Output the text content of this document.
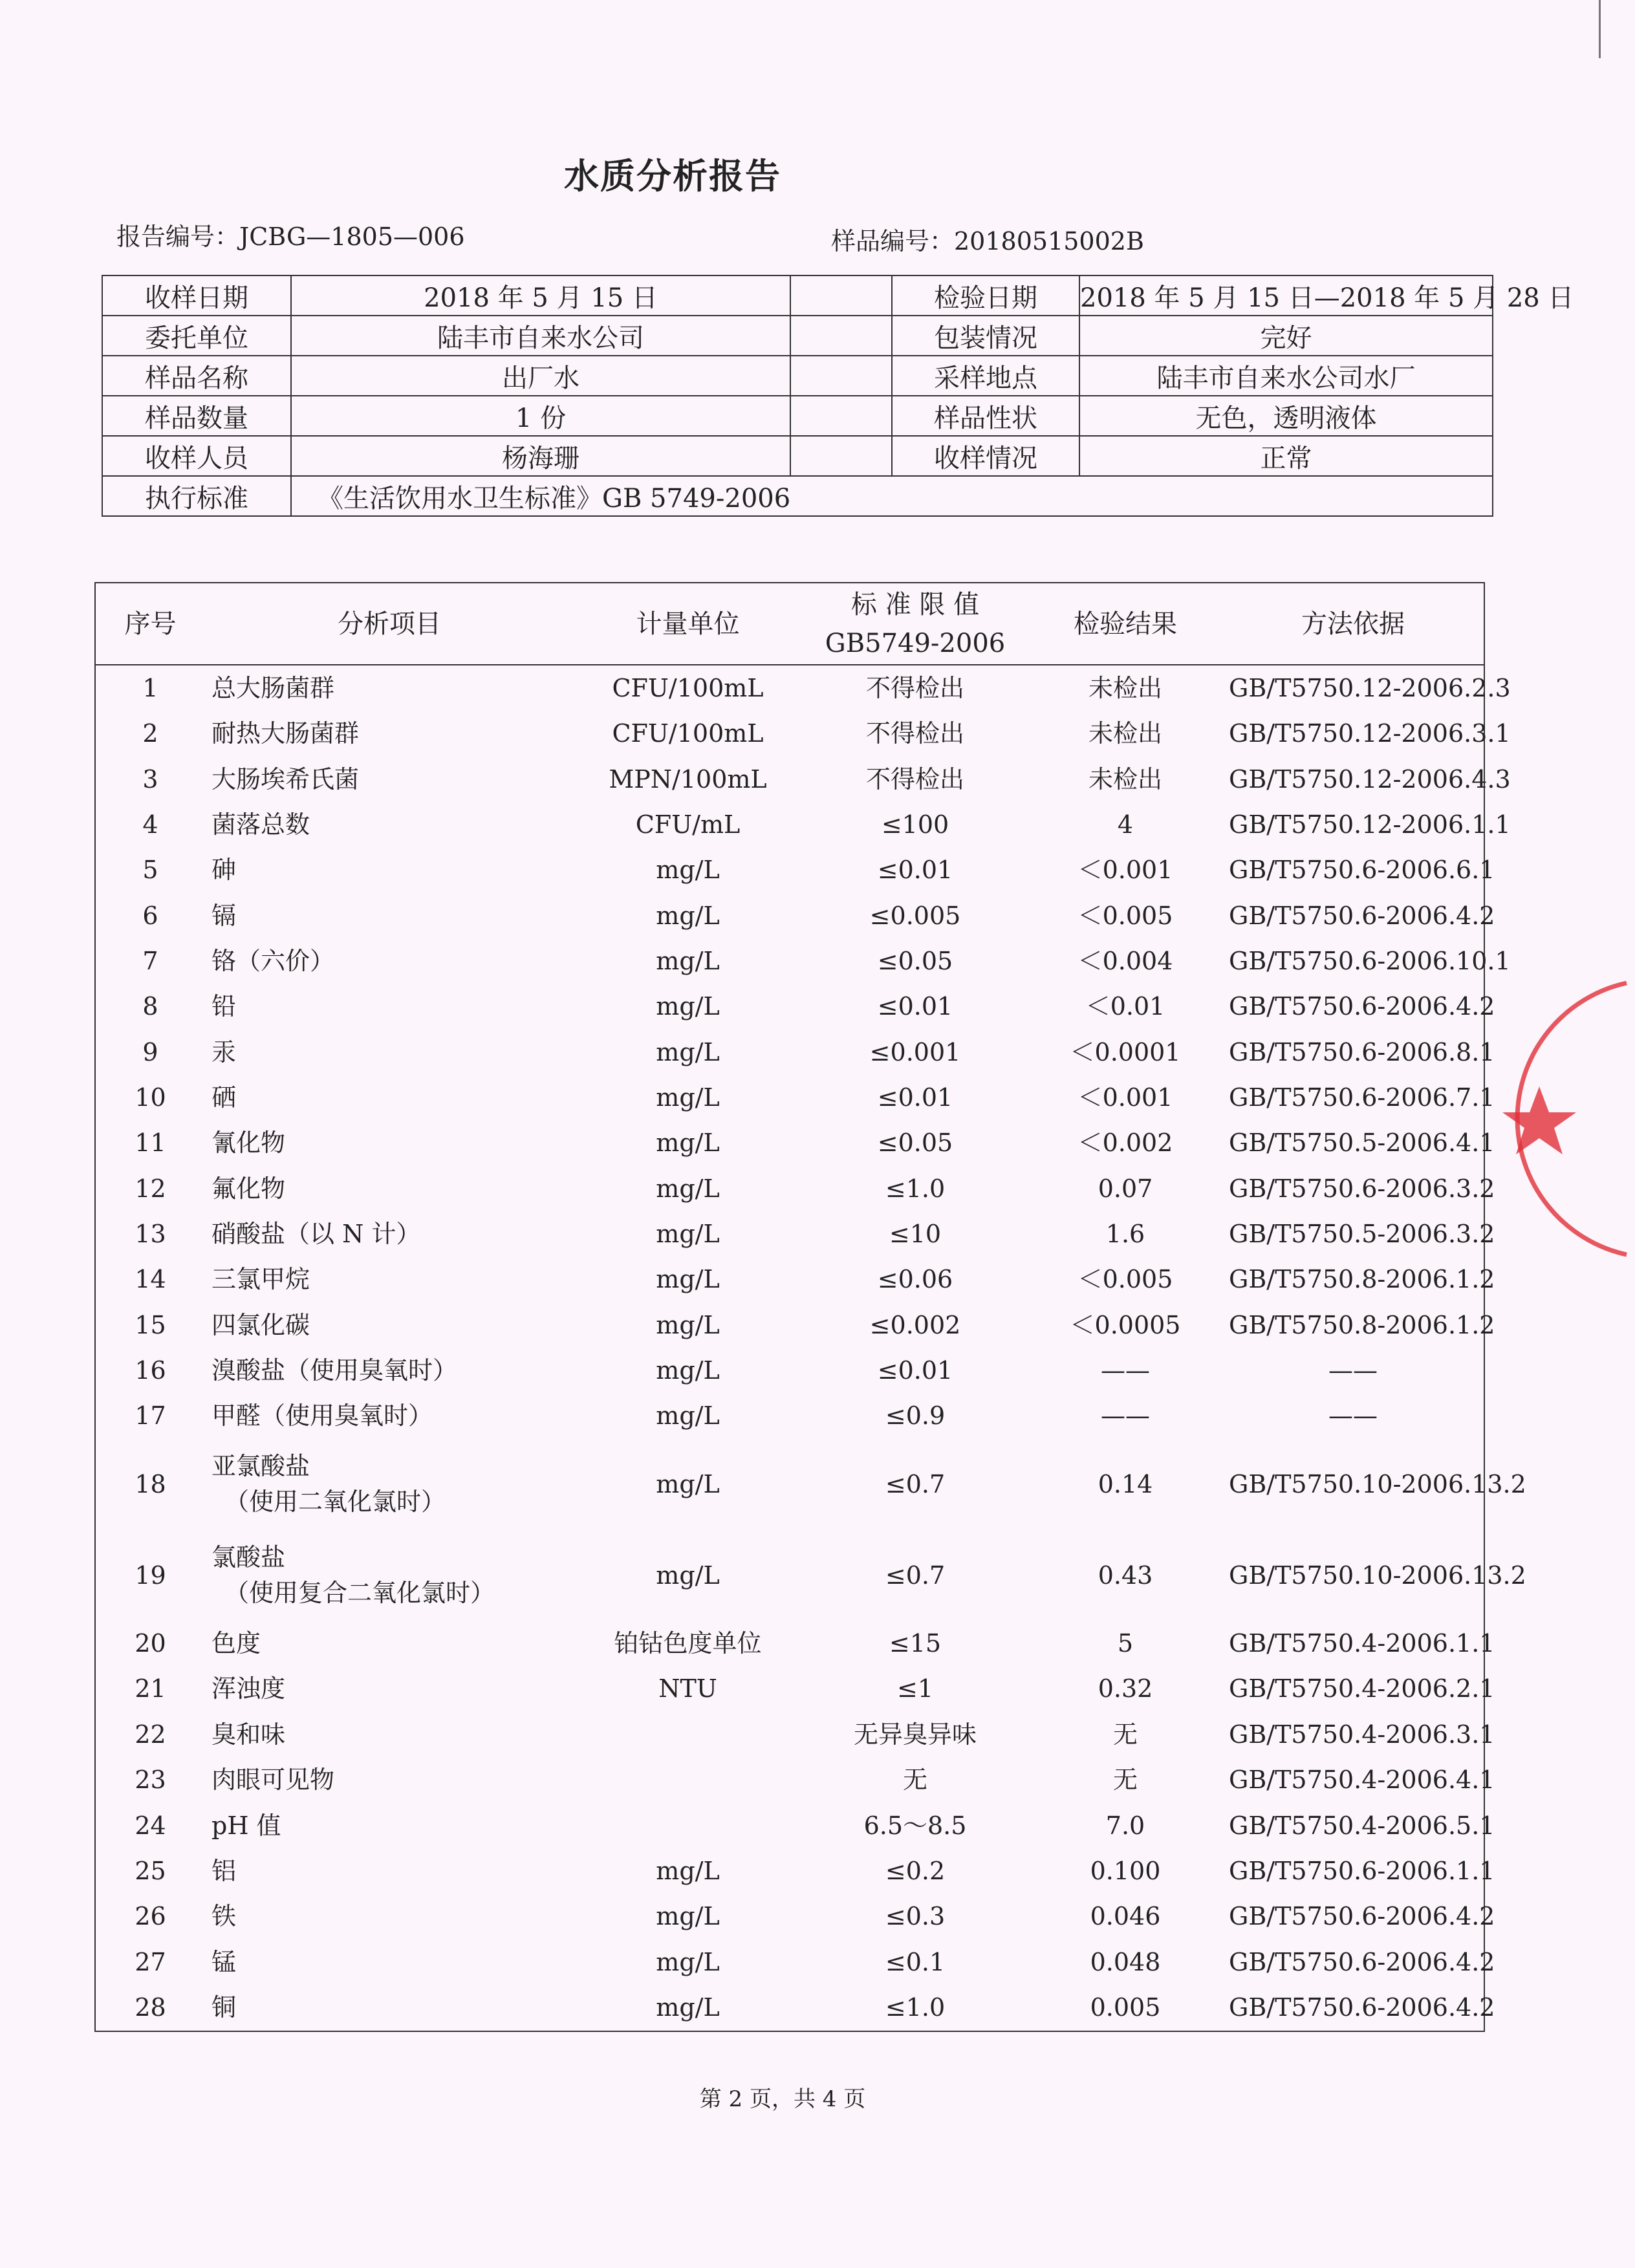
水质分析报告
报告编号：JCBG—1805—006	样品编号：20180515002B
收样日期	2018 年 5 月 15 日		检验日期	2018 年 5 月 15 日—2018 年 5 月 28 日
委托单位	陆丰市自来水公司		包装情况	完好
样品名称	出厂水		采样地点	陆丰市自来水公司水厂
样品数量	1 份		样品性状	无色，透明液体
收样人员	杨海珊		收样情况	正常
执行标准	《生活饮用水卫生标准》GB 5749-2006			
序号	分析项目	计量单位	标 准 限 值
GB5749-2006	检验结果	方法依据
1	总大肠菌群	CFU/100mL	不得检出	未检出	GB/T5750.12-2006.2.3
2	耐热大肠菌群	CFU/100mL	不得检出	未检出	GB/T5750.12-2006.3.1
3	大肠埃希氏菌	MPN/100mL	不得检出	未检出	GB/T5750.12-2006.4.3
4	菌落总数	CFU/mL	≤100	4	GB/T5750.12-2006.1.1
5	砷	mg/L	≤0.01	＜0.001	GB/T5750.6-2006.6.1
6	镉	mg/L	≤0.005	＜0.005	GB/T5750.6-2006.4.2
7	铬（六价）	mg/L	≤0.05	＜0.004	GB/T5750.6-2006.10.1
8	铅	mg/L	≤0.01	＜0.01	GB/T5750.6-2006.4.2
9	汞	mg/L	≤0.001	＜0.0001	GB/T5750.6-2006.8.1
10	硒	mg/L	≤0.01	＜0.001	GB/T5750.6-2006.7.1
11	氰化物	mg/L	≤0.05	＜0.002	GB/T5750.5-2006.4.1
12	氟化物	mg/L	≤1.0	0.07	GB/T5750.6-2006.3.2
13	硝酸盐（以 N 计）	mg/L	≤10	1.6	GB/T5750.5-2006.3.2
14	三氯甲烷	mg/L	≤0.06	＜0.005	GB/T5750.8-2006.1.2
15	四氯化碳	mg/L	≤0.002	＜0.0005	GB/T5750.8-2006.1.2
16	溴酸盐（使用臭氧时）	mg/L	≤0.01	——	——
17	甲醛（使用臭氧时）	mg/L	≤0.9	——	——
18	亚氯酸盐
（使用二氧化氯时）	mg/L	≤0.7	0.14	GB/T5750.10-2006.13.2
19	氯酸盐
（使用复合二氧化氯时）	mg/L	≤0.7	0.43	GB/T5750.10-2006.13.2
20	色度	铂钴色度单位	≤15	5	GB/T5750.4-2006.1.1
21	浑浊度	NTU	≤1	0.32	GB/T5750.4-2006.2.1
22	臭和味		无异臭异味	无	GB/T5750.4-2006.3.1
23	肉眼可见物		无	无	GB/T5750.4-2006.4.1
24	pH 值		6.5～8.5	7.0	GB/T5750.4-2006.5.1
25	铝	mg/L	≤0.2	0.100	GB/T5750.6-2006.1.1
26	铁	mg/L	≤0.3	0.046	GB/T5750.6-2006.4.2
27	锰	mg/L	≤0.1	0.048	GB/T5750.6-2006.4.2
28	铜	mg/L	≤1.0	0.005	GB/T5750.6-2006.4.2
第 2 页，共 4 页
